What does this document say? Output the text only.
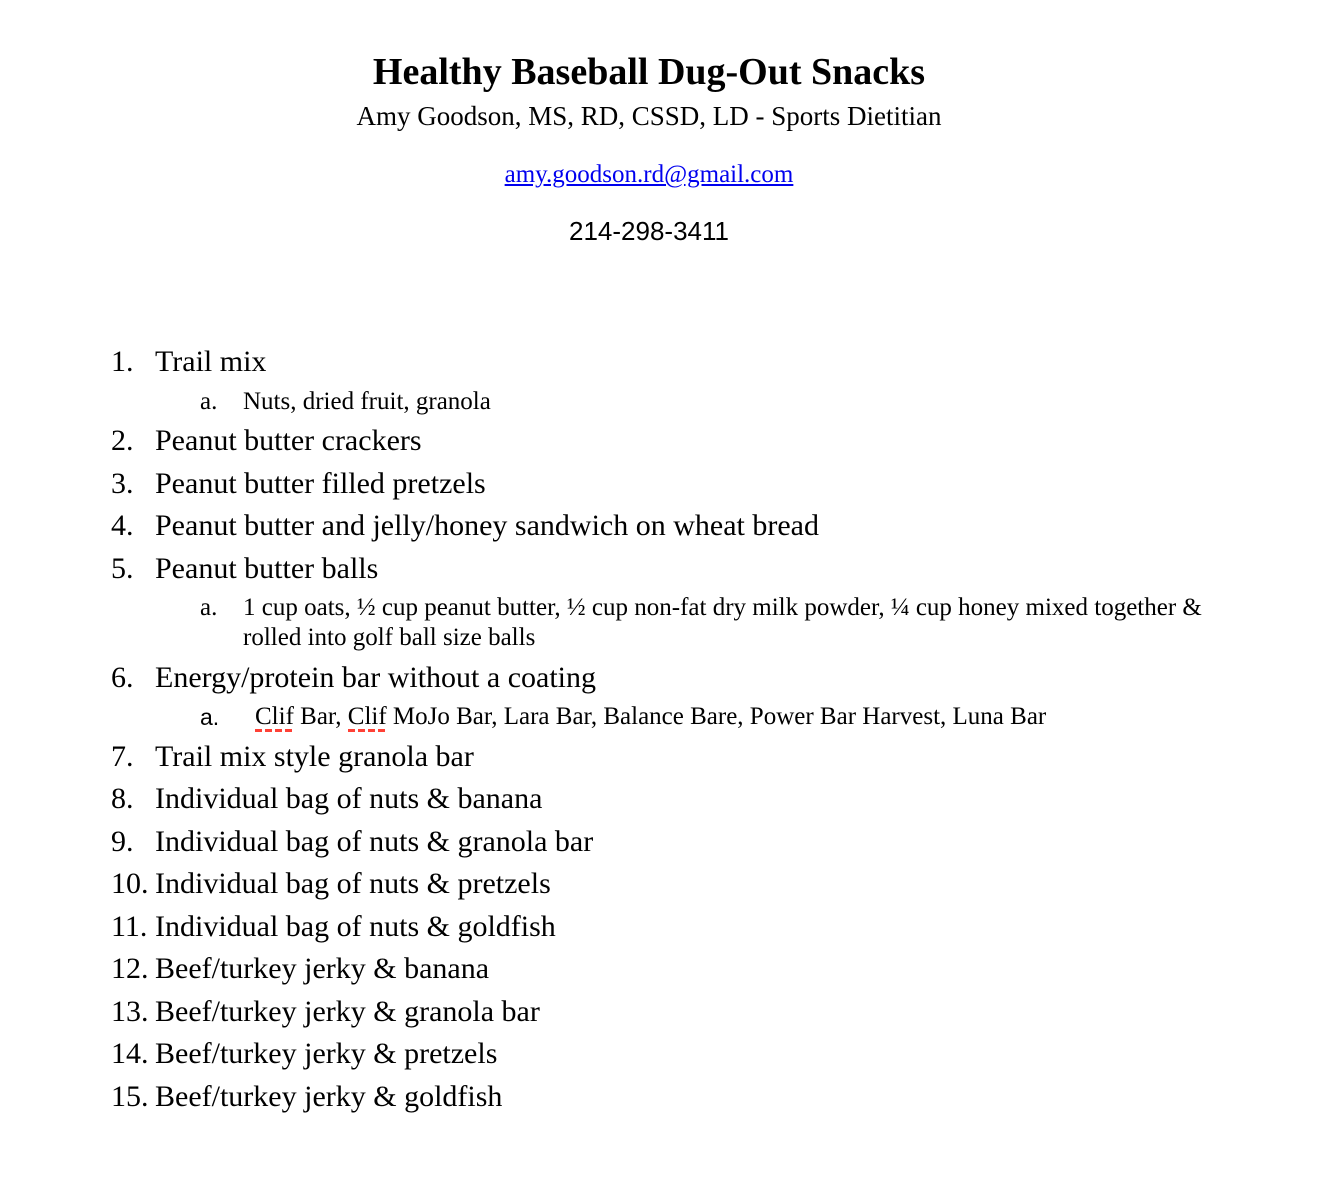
Healthy Baseball Dug-Out Snacks

Amy Goodson, MS, RD, CSSD, LD - Sports Dietitian

amy.goodson.rd@gmail.com

214-298-3411

1. Trail mix
a.	Nuts, dried fruit, granola
2. Peanut butter crackers
3. Peanut butter filled pretzels
4. Peanut butter and jelly/honey sandwich on wheat bread
5. Peanut butter balls
a.	1 cup oats, ½ cup peanut butter, ½ cup non-fat dry milk powder, ¼ cup honey mixed together & rolled into golf ball size balls
6. Energy/protein bar without a coating
a.	Clif Bar, Clif MoJo Bar, Lara Bar, Balance Bare, Power Bar Harvest, Luna Bar
7. Trail mix style granola bar
8. Individual bag of nuts & banana
9. Individual bag of nuts & granola bar
10. Individual bag of nuts & pretzels
11. Individual bag of nuts & goldfish
12. Beef/turkey jerky & banana
13. Beef/turkey jerky & granola bar
14. Beef/turkey jerky & pretzels
15. Beef/turkey jerky & goldfish
